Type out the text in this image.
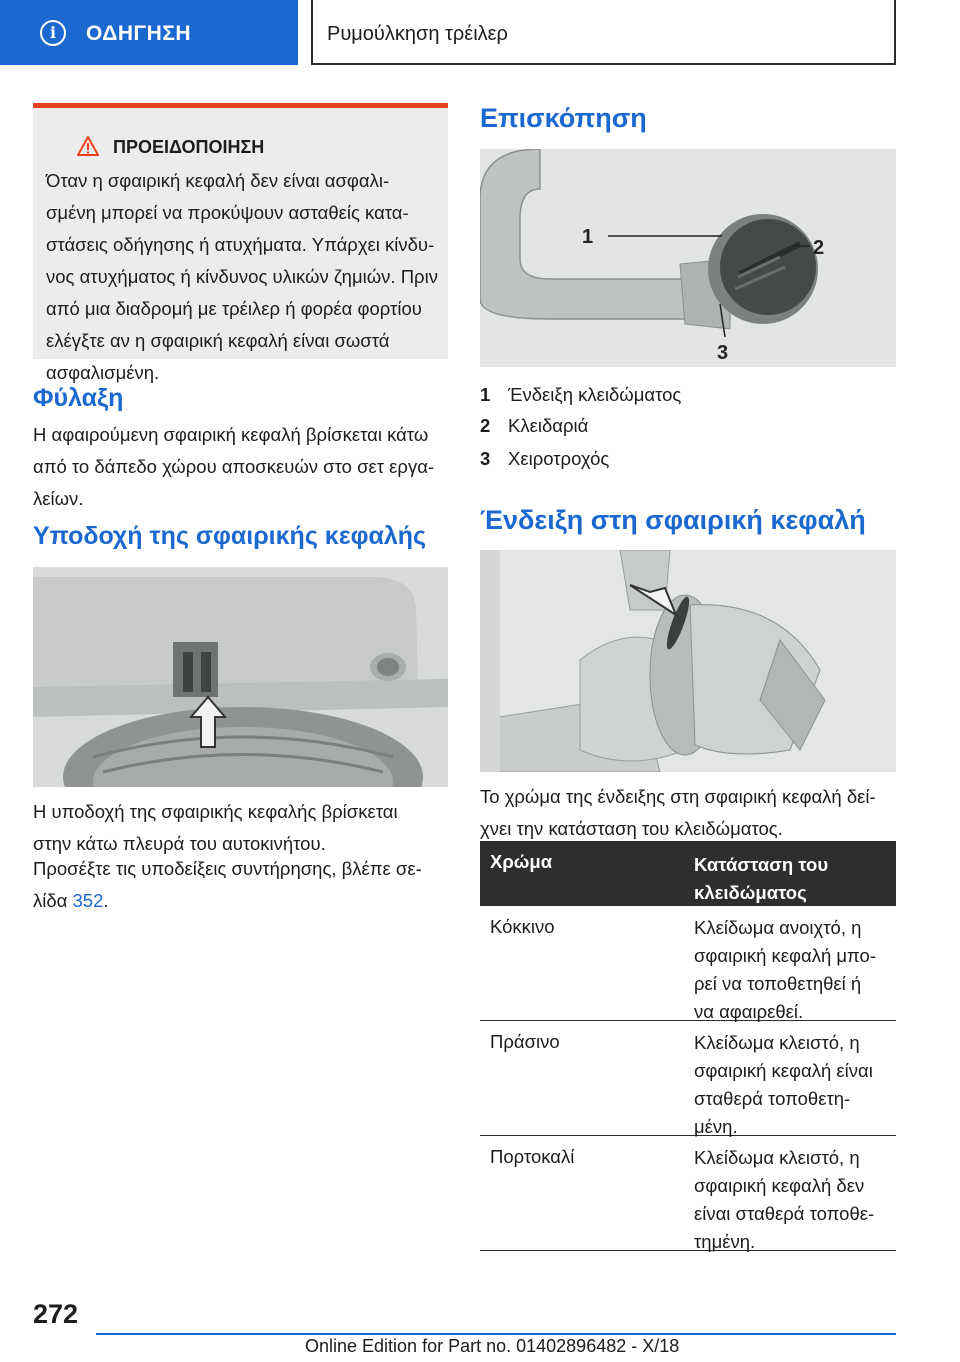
i	ΟΔΗΓΗΣΗ	Ρυμούλκηση τρέιλερ
ΠΡΟΕΙΔΟΠΟΙΗΣΗ
Όταν η σφαιρική κεφαλή δεν είναι ασφαλι-
σμένη μπορεί να προκύψουν ασταθείς κατα-
στάσεις οδήγησης ή ατυχήματα. Υπάρχει κίνδυ-
νος ατυχήματος ή κίνδυνος υλικών ζημιών. Πριν
από μια διαδρομή με τρέιλερ ή φορέα φορτίου
ελέγξτε αν η σφαιρική κεφαλή είναι σωστά
ασφαλισμένη.
Φύλαξη
Η αφαιρούμενη σφαιρική κεφαλή βρίσκεται κάτω
από το δάπεδο χώρου αποσκευών στο σετ εργα-
λείων.
Υποδοχή της σφαιρικής κεφαλής
Η υποδοχή της σφαιρικής κεφαλής βρίσκεται
στην κάτω πλευρά του αυτοκινήτου.
Προσέξτε τις υποδείξεις συντήρησης, βλέπε σε-
λίδα 352.
Επισκόπηση
1	2
3
1 Ένδειξη κλειδώματος
2 Κλειδαριά
3 Χειροτροχός
Ένδειξη στη σφαιρική κεφαλή
Το χρώμα της ένδειξης στη σφαιρική κεφαλή δεί-
χνει την κατάσταση του κλειδώματος.
Χρώμα	Κατάσταση του
κλειδώματος
Κόκκινο	Κλείδωμα ανοιχτό, η
σφαιρική κεφαλή μπο-
ρεί να τοποθετηθεί ή
να αφαιρεθεί.
Πράσινο	Κλείδωμα κλειστό, η
σφαιρική κεφαλή είναι
σταθερά τοποθετη-
μένη.
Πορτοκαλί	Κλείδωμα κλειστό, η
σφαιρική κεφαλή δεν
είναι σταθερά τοποθε-
τημένη.
272
Online Edition for Part no. 01402896482 - X/18
